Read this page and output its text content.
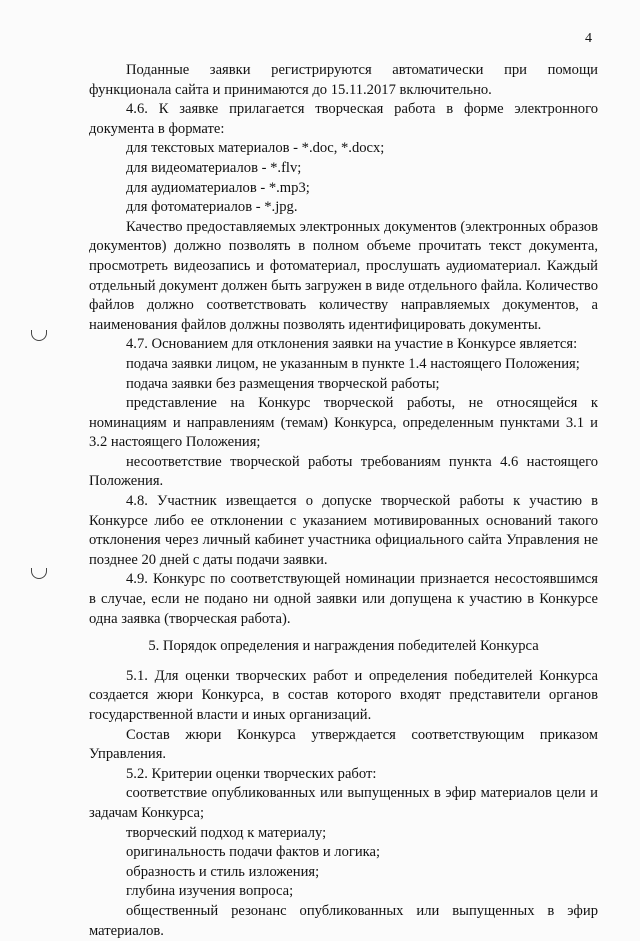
4

Поданные заявки регистрируются автоматически при помощи функционала сайта и принимаются до 15.11.2017 включительно.

4.6. К заявке прилагается творческая работа в форме электронного документа в формате:

для текстовых материалов - *.doc, *.docx;

для видеоматериалов - *.flv;

для аудиоматериалов - *.mp3;

для фотоматериалов - *.jpg.

Качество предоставляемых электронных документов (электронных образов документов) должно позволять в полном объеме прочитать текст документа, просмотреть видеозапись и фотоматериал, прослушать аудиоматериал. Каждый отдельный документ должен быть загружен в виде отдельного файла. Количество файлов должно соответствовать количеству направляемых документов, а наименования файлов должны позволять идентифицировать документы.

4.7. Основанием для отклонения заявки на участие в Конкурсе является:

подача заявки лицом, не указанным в пункте 1.4 настоящего Положения;

подача заявки без размещения творческой работы;

представление на Конкурс творческой работы, не относящейся к номинациям и направлениям (темам) Конкурса, определенным пунктами 3.1 и 3.2 настоящего Положения;

несоответствие творческой работы требованиям пункта 4.6 настоящего Положения.

4.8. Участник извещается о допуске творческой работы к участию в Конкурсе либо ее отклонении с указанием мотивированных оснований такого отклонения через личный кабинет участника официального сайта Управления не позднее 20 дней с даты подачи заявки.

4.9. Конкурс по соответствующей номинации признается несостоявшимся в случае, если не подано ни одной заявки или допущена к участию в Конкурсе одна заявка (творческая работа).

5. Порядок определения и награждения победителей Конкурса

5.1. Для оценки творческих работ и определения победителей Конкурса создается жюри Конкурса, в состав которого входят представители органов государственной власти и иных организаций.

Состав жюри Конкурса утверждается соответствующим приказом Управления.

5.2. Критерии оценки творческих работ:

соответствие опубликованных или выпущенных в эфир материалов цели и задачам Конкурса;

творческий подход к материалу;

оригинальность подачи фактов и логика;

образность и стиль изложения;

глубина изучения вопроса;

общественный резонанс опубликованных или выпущенных в эфир материалов.
